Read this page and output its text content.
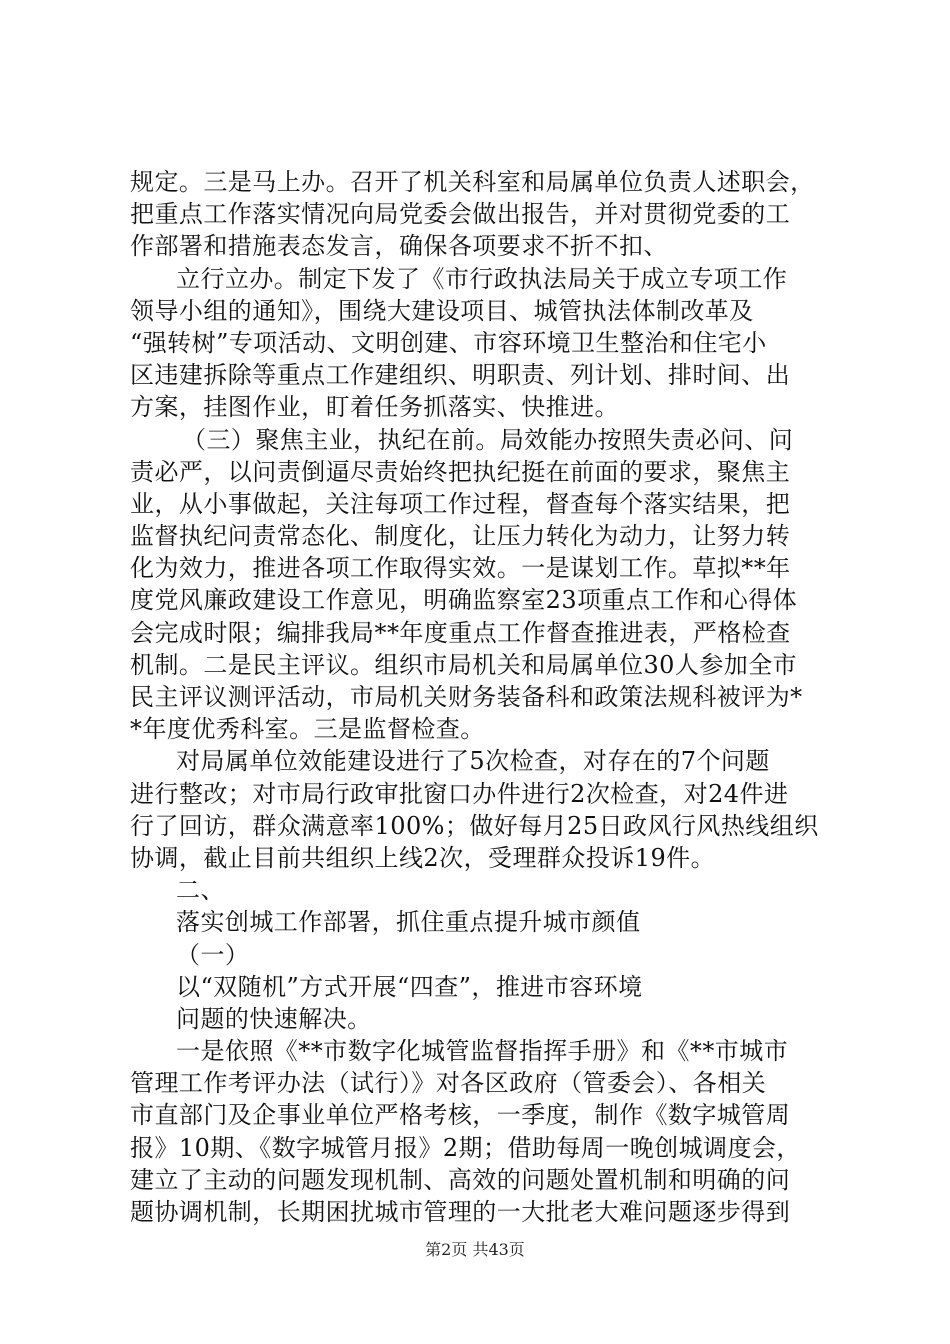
规定。三是马上办。召开了机关科室和局属单位负责人述职会，
把重点工作落实情况向局党委会做出报告，并对贯彻党委的工
作部署和措施表态发言，确保各项要求不折不扣、
立行立办。制定下发了《市行政执法局关于成立专项工作
领导小组的通知》，围绕大建设项目、城管执法体制改革及
“强转树”专项活动、文明创建、市容环境卫生整治和住宅小
区违建拆除等重点工作建组织、明职责、列计划、排时间、出
方案，挂图作业，盯着任务抓落实、快推进。
（三）聚焦主业，执纪在前。局效能办按照失责必问、问
责必严，以问责倒逼尽责始终把执纪挺在前面的要求，聚焦主
业，从小事做起，关注每项工作过程，督查每个落实结果，把
监督执纪问责常态化、制度化，让压力转化为动力，让努力转
化为效力，推进各项工作取得实效。一是谋划工作。草拟**年
度党风廉政建设工作意见，明确监察室23项重点工作和心得体
会完成时限；编排我局**年度重点工作督查推进表，严格检查
机制。二是民主评议。组织市局机关和局属单位30人参加全市
民主评议测评活动，市局机关财务装备科和政策法规科被评为*
*年度优秀科室。三是监督检查。
对局属单位效能建设进行了5次检查，对存在的7个问题
进行整改；对市局行政审批窗口办件进行2次检查，对24件进
行了回访，群众满意率100%；做好每月25日政风行风热线组织
协调，截止目前共组织上线2次，受理群众投诉19件。
二、
落实创城工作部署，抓住重点提升城市颜值
（一）
以“双随机”方式开展“四查”，推进市容环境
问题的快速解决。
一是依照《**市数字化城管监督指挥手册》和《**市城市
管理工作考评办法（试行）》对各区政府（管委会）、各相关
市直部门及企事业单位严格考核，一季度，制作《数字城管周
报》10期、《数字城管月报》2期；借助每周一晚创城调度会，
建立了主动的问题发现机制、高效的问题处置机制和明确的问
题协调机制，长期困扰城市管理的一大批老大难问题逐步得到
第2页 共43页
